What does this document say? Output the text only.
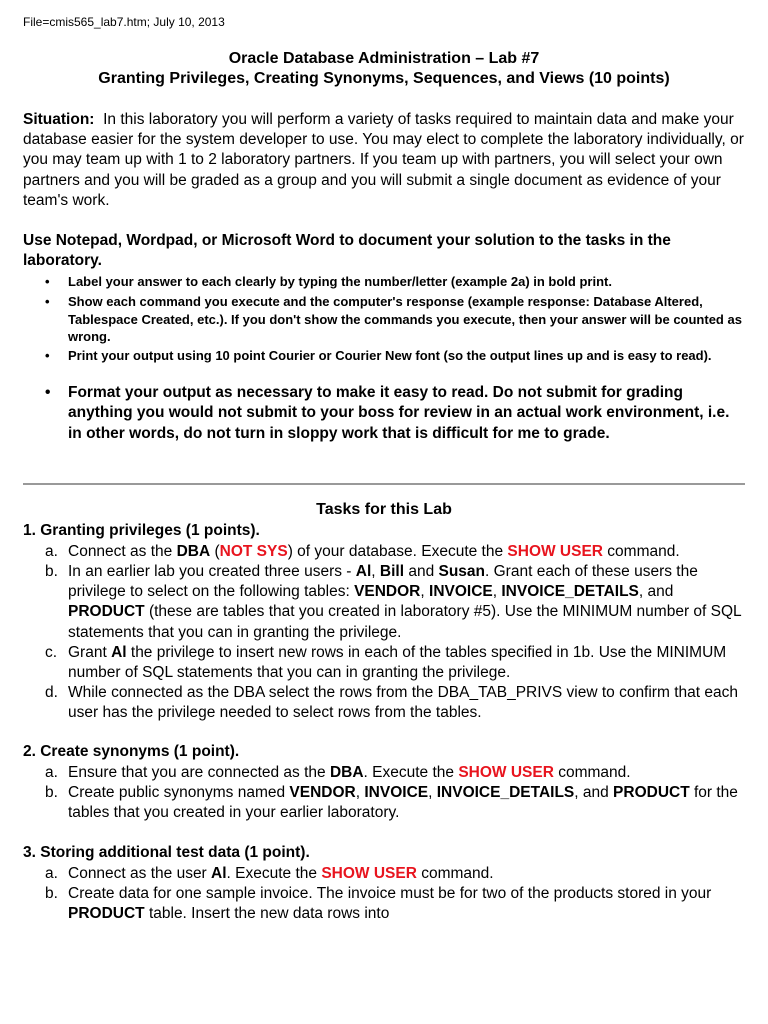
File=cmis565_lab7.htm; July 10, 2013
Oracle Database Administration – Lab #7
Granting Privileges, Creating Synonyms, Sequences, and Views (10 points)
Situation: In this laboratory you will perform a variety of tasks required to maintain data and make your database easier for the system developer to use. You may elect to complete the laboratory individually, or you may team up with 1 to 2 laboratory partners. If you team up with partners, you will select your own partners and you will be graded as a group and you will submit a single document as evidence of your team's work.
Use Notepad, Wordpad, or Microsoft Word to document your solution to the tasks in the laboratory.
• Label your answer to each clearly by typing the number/letter (example 2a) in bold print.
• Show each command you execute and the computer's response (example response: Database Altered, Tablespace Created, etc.). If you don't show the commands you execute, then your answer will be counted as wrong.
• Print your output using 10 point Courier or Courier New font (so the output lines up and is easy to read).
• Format your output as necessary to make it easy to read. Do not submit for grading anything you would not submit to your boss for review in an actual work environment, i.e. in other words, do not turn in sloppy work that is difficult for me to grade.
Tasks for this Lab
1. Granting privileges (1 points).
a. Connect as the DBA (NOT SYS) of your database. Execute the SHOW USER command.
b. In an earlier lab you created three users - Al, Bill and Susan. Grant each of these users the privilege to select on the following tables: VENDOR, INVOICE, INVOICE_DETAILS, and PRODUCT (these are tables that you created in laboratory #5). Use the MINIMUM number of SQL statements that you can in granting the privilege.
c. Grant Al the privilege to insert new rows in each of the tables specified in 1b. Use the MINIMUM number of SQL statements that you can in granting the privilege.
d. While connected as the DBA select the rows from the DBA_TAB_PRIVS view to confirm that each user has the privilege needed to select rows from the tables.
2. Create synonyms (1 point).
a. Ensure that you are connected as the DBA. Execute the SHOW USER command.
b. Create public synonyms named VENDOR, INVOICE, INVOICE_DETAILS, and PRODUCT for the tables that you created in your earlier laboratory.
3. Storing additional test data (1 point).
a. Connect as the user Al. Execute the SHOW USER command.
b. Create data for one sample invoice. The invoice must be for two of the products stored in your PRODUCT table. Insert the new data rows into
